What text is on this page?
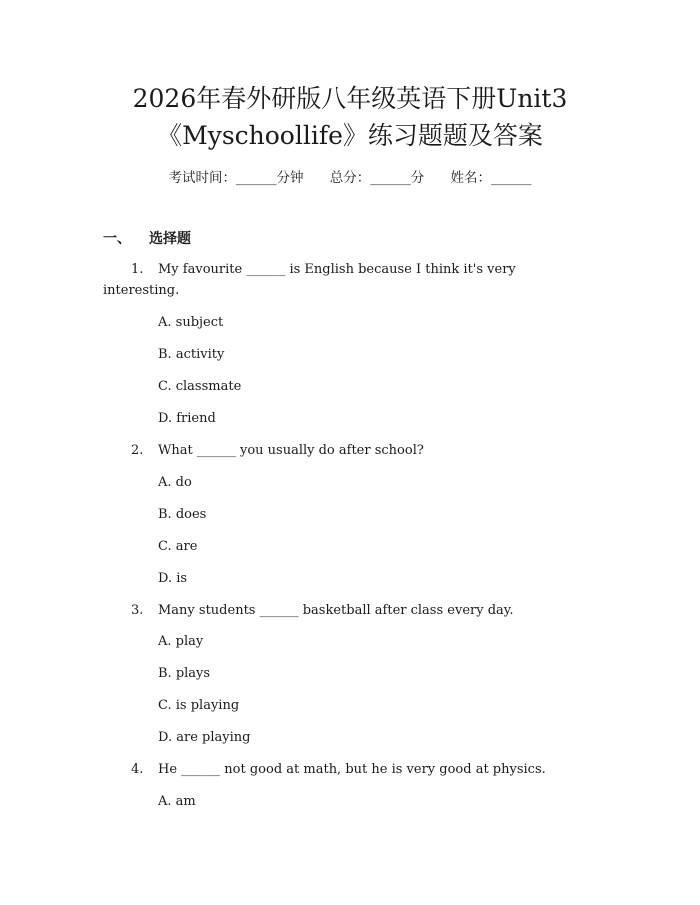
2026年春外研版八年级英语下册Unit3
《Myschoollife》练习题题及答案
考试时间：______分钟 总分：______分 姓名：______
一、 选择题
1. My favourite ______ is English because I think it's very
interesting.
A. subject
B. activity
C. classmate
D. friend
2. What ______ you usually do after school?
A. do
B. does
C. are
D. is
3. Many students ______ basketball after class every day.
A. play
B. plays
C. is playing
D. are playing
4. He ______ not good at math, but he is very good at physics.
A. am
